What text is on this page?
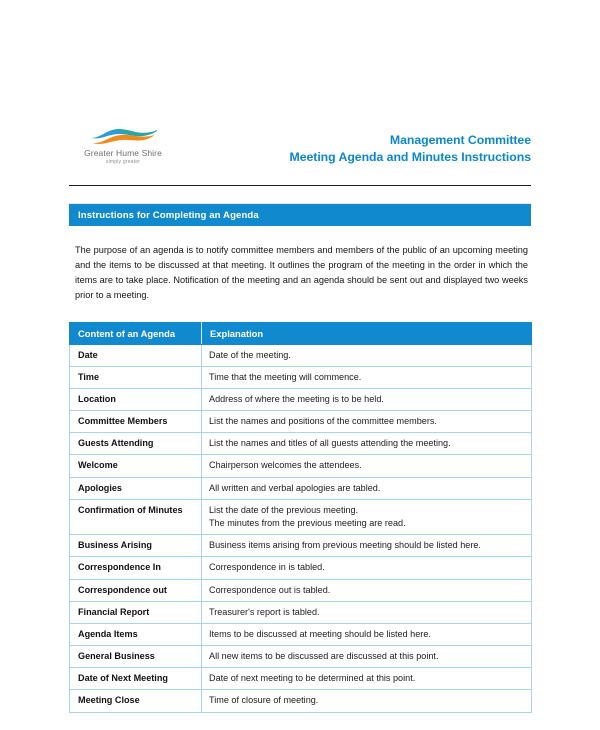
Greater Hume Shire
simply greater
Management Committee
Meeting Agenda and Minutes Instructions
Instructions for Completing an Agenda

The purpose of an agenda is to notify committee members and members of the public of an upcoming meeting and the items to be discussed at that meeting. It outlines the program of the meeting in the order in which the items are to take place. Notification of the meeting and an agenda should be sent out and displayed two weeks prior to a meeting.

Content of an Agenda	Explanation
Date	Date of the meeting.

Time	Time that the meeting will commence.

Location	Address of where the meeting is to be held.

Committee Members	List the names and positions of the committee members.

Guests Attending	List the names and titles of all guests attending the meeting.

Welcome	Chairperson welcomes the attendees.

Apologies	All written and verbal apologies are tabled.

Confirmation of Minutes	List the date of the previous meeting.
The minutes from the previous meeting are read.

Business Arising	Business items arising from previous meeting should be listed here.

Correspondence In	Correspondence in is tabled.

Correspondence out	Correspondence out is tabled.

Financial Report	Treasurer's report is tabled.

Agenda Items	Items to be discussed at meeting should be listed here.

General Business	All new items to be discussed are discussed at this point.

Date of Next Meeting	Date of next meeting to be determined at this point.

Meeting Close	Time of closure of meeting.
